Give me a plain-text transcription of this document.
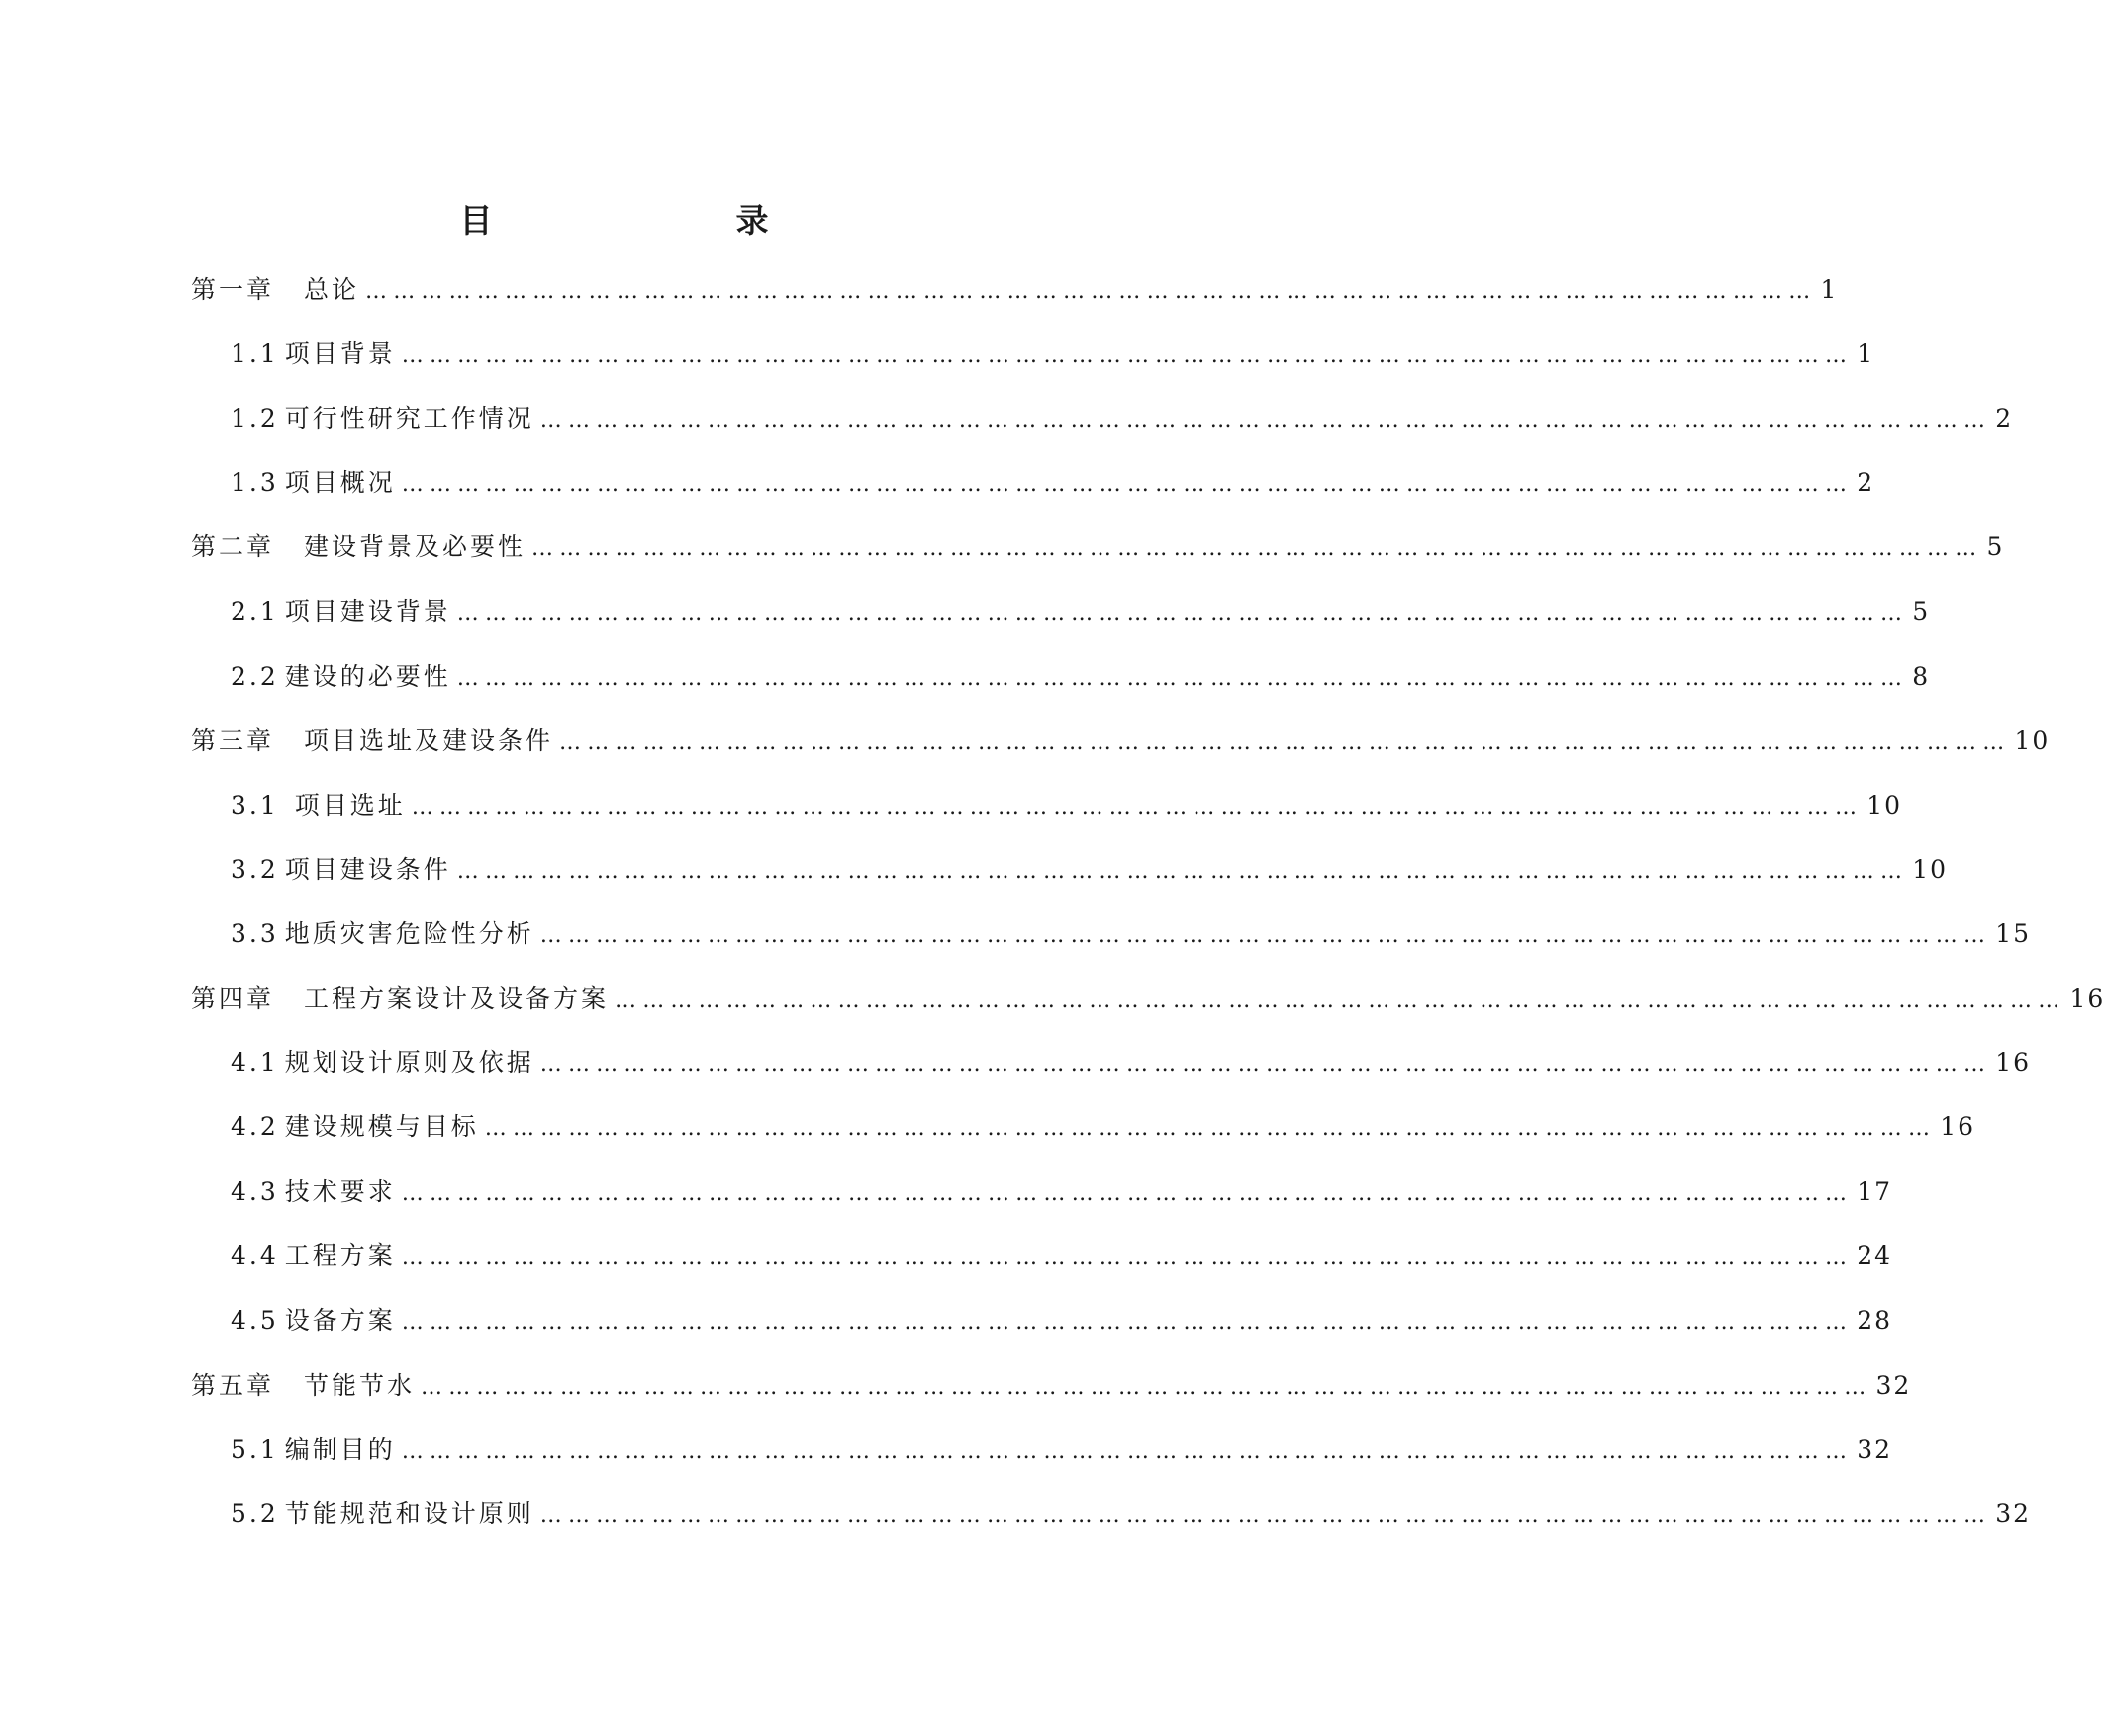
目　　录
第一章 总论 ………………………………………………………………………………………………………………………………………… 1
1.1 项目背景 ………………………………………………………………………………………………………………………………………… 1
1.2 可行性研究工作情况 ………………………………………………………………………………………………………………………………………… 2
1.3 项目概况 ………………………………………………………………………………………………………………………………………… 2
第二章 建设背景及必要性 ………………………………………………………………………………………………………………………………………… 5
2.1 项目建设背景 ………………………………………………………………………………………………………………………………………… 5
2.2 建设的必要性 ………………………………………………………………………………………………………………………………………… 8
第三章 项目选址及建设条件 ………………………………………………………………………………………………………………………………………… 10
3.1 项目选址 ………………………………………………………………………………………………………………………………………… 10
3.2 项目建设条件 ………………………………………………………………………………………………………………………………………… 10
3.3 地质灾害危险性分析 ………………………………………………………………………………………………………………………………………… 15
第四章 工程方案设计及设备方案 ………………………………………………………………………………………………………………………………………… 16
4.1 规划设计原则及依据 ………………………………………………………………………………………………………………………………………… 16
4.2 建设规模与目标 ………………………………………………………………………………………………………………………………………… 16
4.3 技术要求 ………………………………………………………………………………………………………………………………………… 17
4.4 工程方案 ………………………………………………………………………………………………………………………………………… 24
4.5 设备方案 ………………………………………………………………………………………………………………………………………… 28
第五章 节能节水 ………………………………………………………………………………………………………………………………………… 32
5.1 编制目的 ………………………………………………………………………………………………………………………………………… 32
5.2 节能规范和设计原则 ………………………………………………………………………………………………………………………………………… 32
